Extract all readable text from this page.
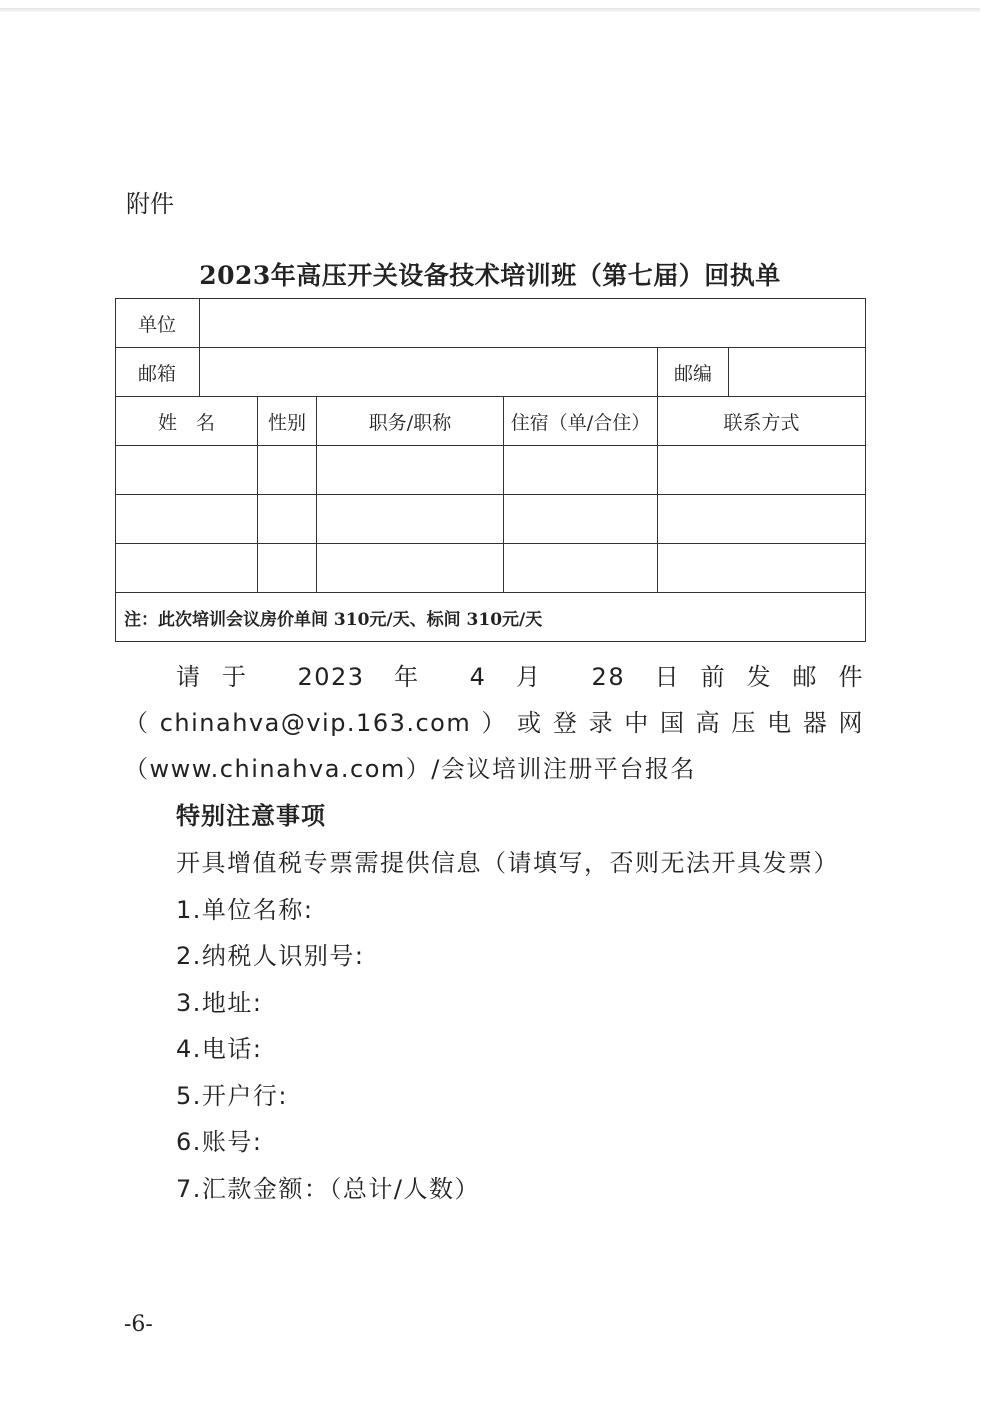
附件
2023年高压开关设备技术培训班（第七届）回执单
单位						
邮箱					邮编	
姓　名		性别	职务/职称	住宿（单/合住）	联系方式	

注：此次培训会议房价单间 310元/天、标间 310元/天						
请于 2023 年 4 月 28 日前发邮件（chinahva@vip.163.com）或登录中国高压电器网（www.chinahva.com）/会议培训注册平台报名
特别注意事项
开具增值税专票需提供信息（请填写，否则无法开具发票）
1.单位名称:
2.纳税人识别号:
3.地址:
4.电话:
5.开户行:
6.账号:
7.汇款金额：（总计/人数）
-6-
